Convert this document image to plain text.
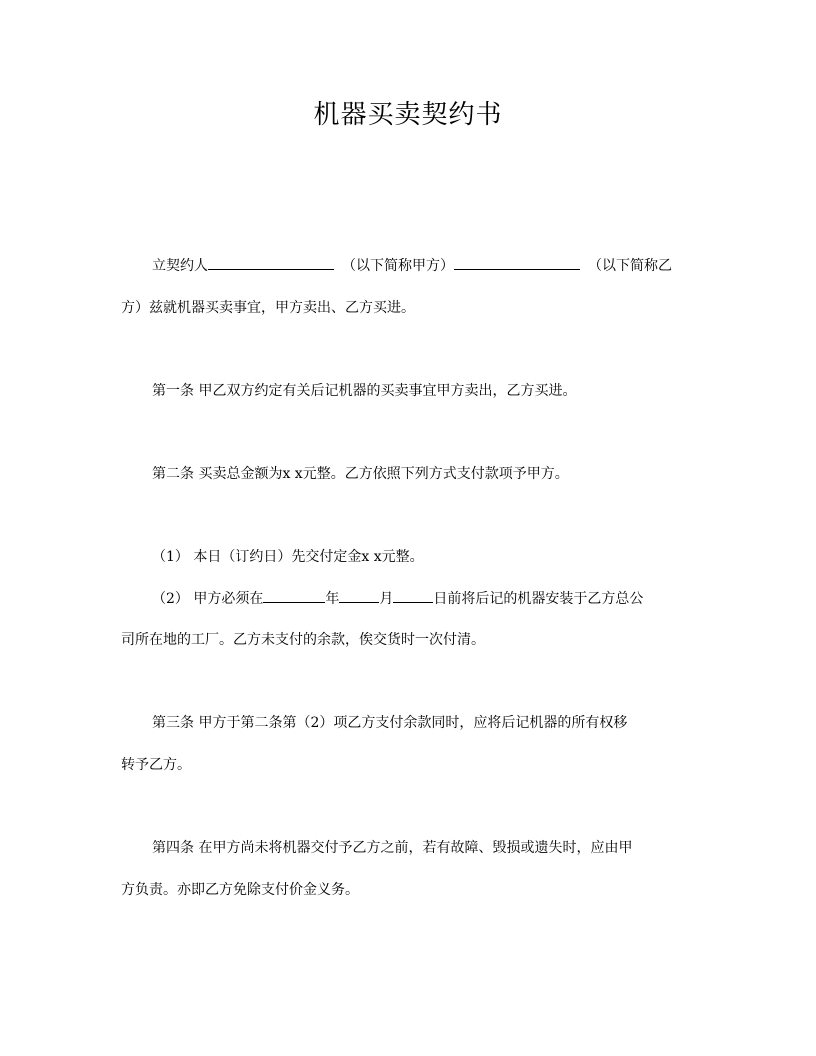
机器买卖契约书
立契约人	（以下简称甲方）	（以下简称乙
方）兹就机器买卖事宜，甲方卖出、乙方买进。
第一条 甲乙双方约定有关后记机器的买卖事宜甲方卖出，乙方买进。
第二条 买卖总金额为x x元整。乙方依照下列方式支付款项予甲方。
（1） 本日（订约日）先交付定金x x元整。
（2） 甲方必须在	年	月	日前将后记的机器安装于乙方总公
司所在地的工厂。乙方未支付的余款，俟交货时一次付清。
第三条 甲方于第二条第（2）项乙方支付余款同时，应将后记机器的所有权移
转予乙方。
第四条 在甲方尚未将机器交付予乙方之前，若有故障、毁损或遗失时，应由甲
方负责。亦即乙方免除支付价金义务。
